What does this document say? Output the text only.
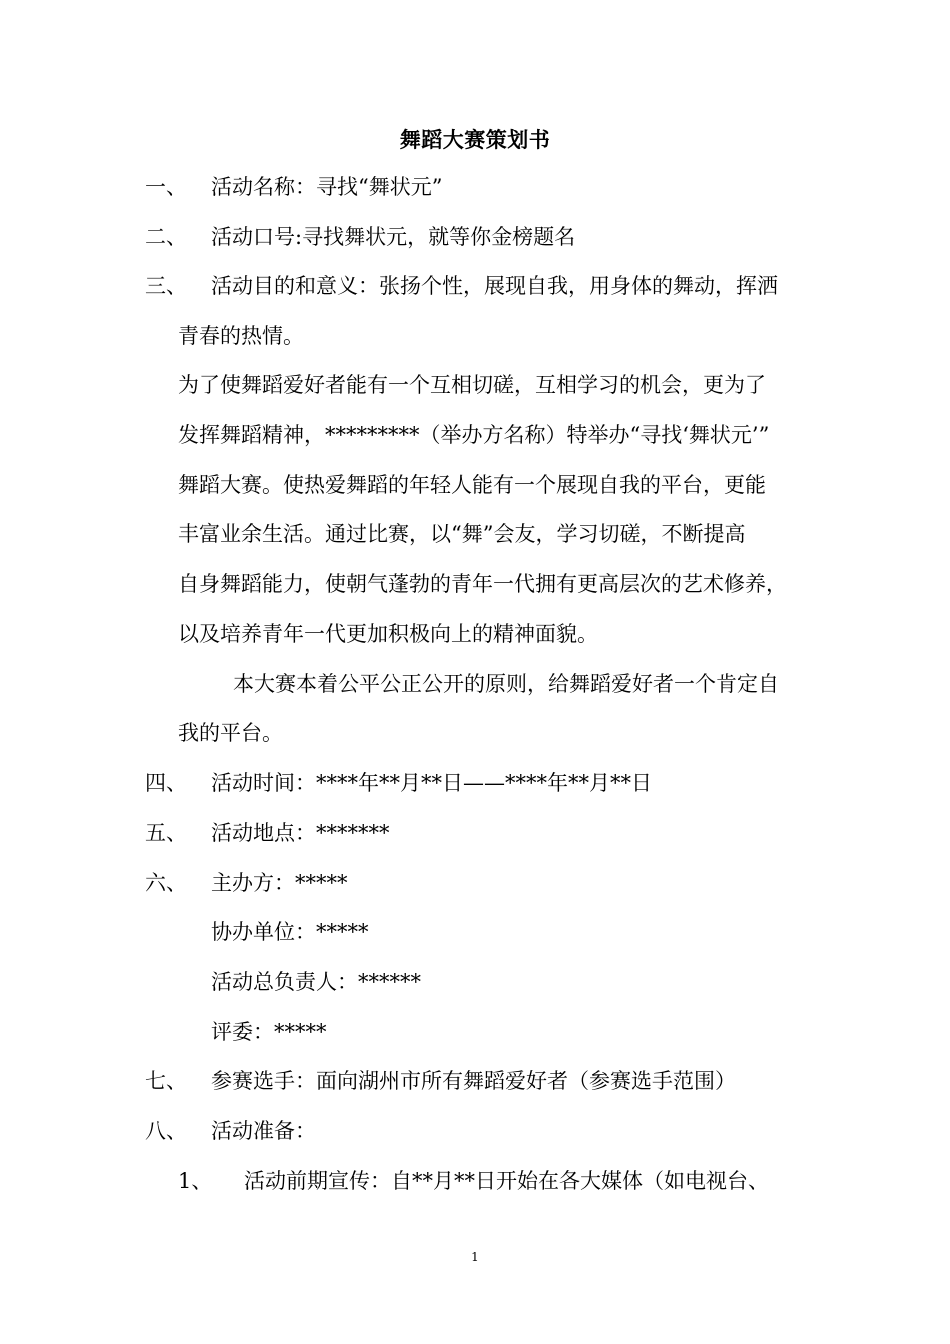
舞蹈大赛策划书
一、 活动名称：寻找“舞状元”
二、 活动口号:寻找舞状元，就等你金榜题名
三、 活动目的和意义：张扬个性，展现自我，用身体的舞动，挥洒
青春的热情。
为了使舞蹈爱好者能有一个互相切磋，互相学习的机会，更为了
发挥舞蹈精神，*********（举办方名称）特举办“寻找‘舞状元’”
舞蹈大赛。使热爱舞蹈的年轻人能有一个展现自我的平台，更能
丰富业余生活。通过比赛，以“舞”会友，学习切磋，不断提高
自身舞蹈能力，使朝气蓬勃的青年一代拥有更高层次的艺术修养，
以及培养青年一代更加积极向上的精神面貌。
本大赛本着公平公正公开的原则，给舞蹈爱好者一个肯定自
我的平台。
四、 活动时间：****年**月**日——****年**月**日
五、 活动地点：*******
六、 主办方：*****
协办单位：*****
活动总负责人：******
评委：*****
七、 参赛选手：面向湖州市所有舞蹈爱好者（参赛选手范围）
八、 活动准备：
1、 活动前期宣传：自**月**日开始在各大媒体（如电视台、
1
